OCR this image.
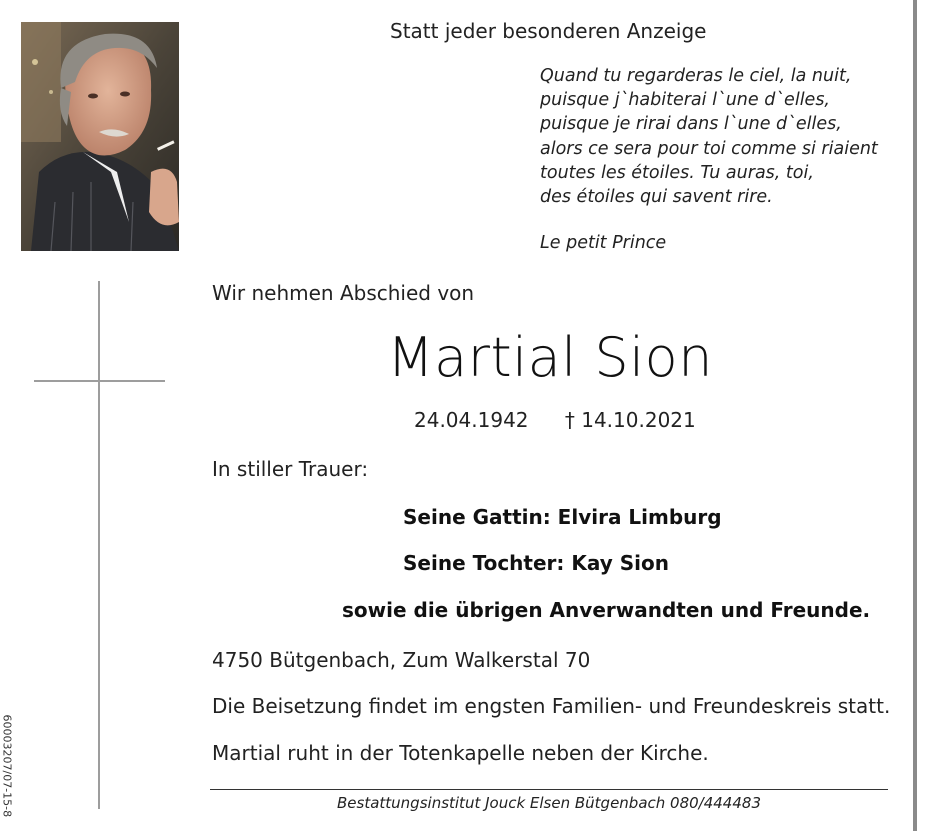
Statt jeder besonderen Anzeige
Quand tu regarderas le ciel, la nuit,
puisque j`habiterai l`une d`elles,
puisque je rirai dans l`une d`elles,
alors ce sera pour toi comme si riaient
toutes les étoiles. Tu auras, toi,
des étoiles qui savent rire.
Le petit Prince
Wir nehmen Abschied von
Martial Sion
24.04.1942 † 14.10.2021
In stiller Trauer:
Seine Gattin: Elvira Limburg
Seine Tochter: Kay Sion
sowie die übrigen Anverwandten und Freunde.
4750 Bütgenbach, Zum Walkerstal 70
Die Beisetzung findet im engsten Familien- und Freundeskreis statt.
Martial ruht in der Totenkapelle neben der Kirche.
Bestattungsinstitut Jouck Elsen Bütgenbach 080/444483
60003207/07-15-8
